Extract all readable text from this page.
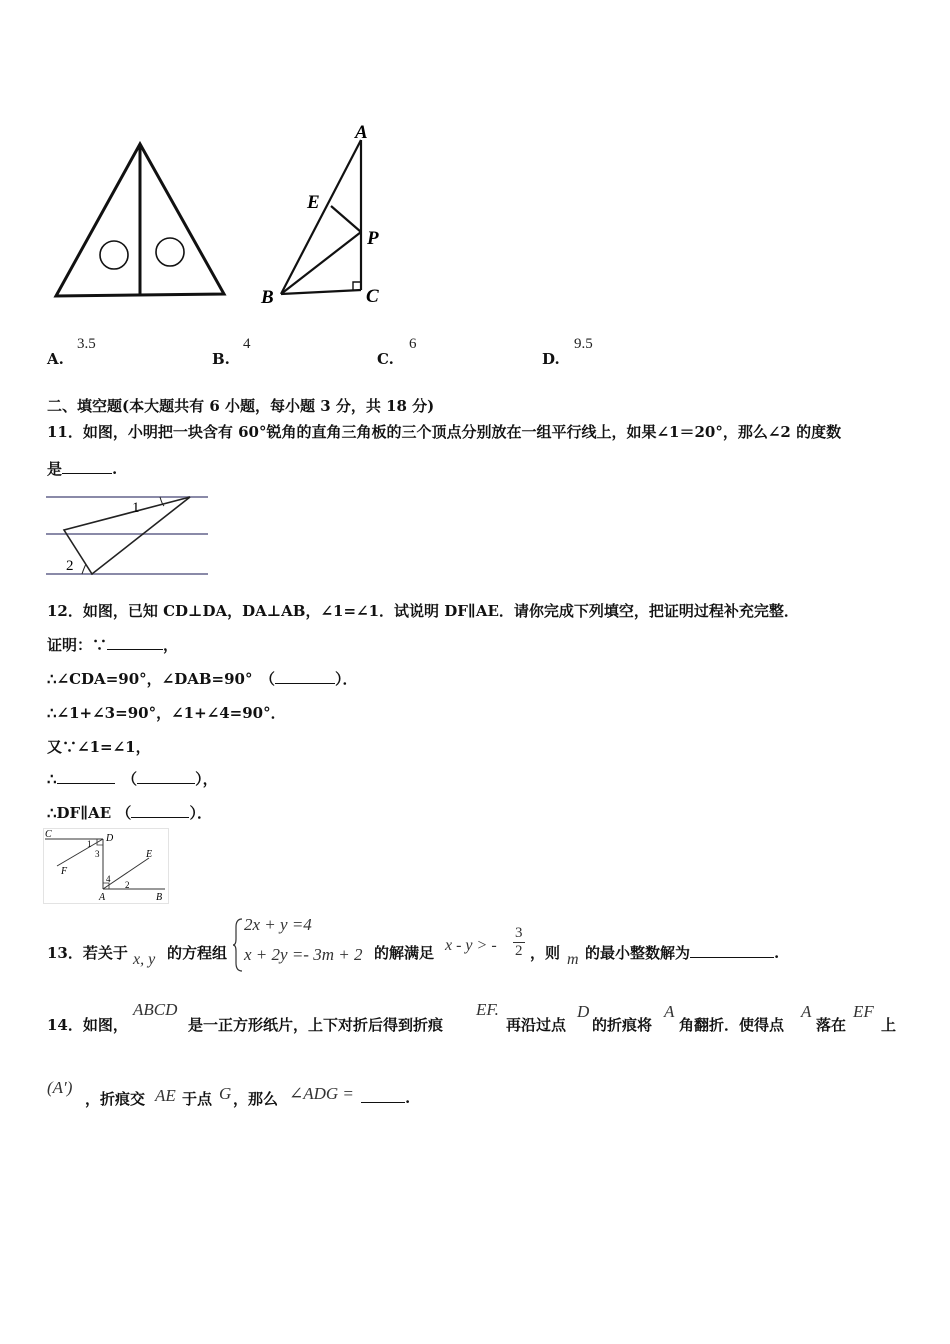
A
E
P
B	C
A.
3.5
B.
4
C.
6
D.
9.5
二、填空题(本大题共有 6 小题，每小题 3 分，共 18 分)
11．如图，小明把一块含有 60°锐角的直角三角板的三个顶点分别放在一组平行线上，如果∠1＝20°，那么∠2 的度数
是	.
1
2
12．如图，已知 CD⊥DA，DA⊥AB，∠1=∠1．试说明 DF∥AE．请你完成下列填空，把证明过程补充完整．
证明：∵	，
∴∠CDA=90°，∠DAB=90°　（	）．
∴∠1+∠3=90°，∠1+∠4=90°．
又∵∠1=∠1，
∴　	（	），
∴DF∥AE （	）．
C	D
1
3
F
E
4
2
A	B
13．若关于 x, y 的方程组
2x + y =4
x + 2y =- 3m + 2 的解满足 x - y > - $\frac{3}{2}$ ，则 m 的最小整数解为	.
14．如图，
ABCD
是一正方形纸片，上下对折后得到折痕
EF.
再沿过点
D
的折痕将
A
角翻折．使得点
A
落在
EF
上
(A′)
，折痕交 AE 于点 G ，那么 ∠ADG =	.
